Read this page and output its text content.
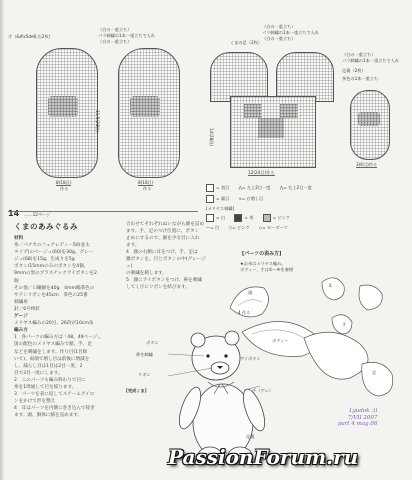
手（&#x5de6;右2枚）
（白の一重立ち）
パラ刺繍の1本一重立ちで入れ
（白の一重立ち）
11.5(24段)
8(18目)	8(18目)
作る	作る
くまの足（2枚）
（白の一重立ち）
パラ刺繍の1本一重立ちで入れ
（白の一重立ち）
12(24目)作る
14(28段)
足裏（2枚）
（白の一重立ち）
パラ刺繍の1本一重立ちで入れ
茶色の1本一重立ち
3(6目)作る
= 表目 ⋀= 左上2目一度 ⋀= 右上2目一度
= 裏目 ⋎= 右増し目
[メリヤス刺繍]
= 白	= 茶	= ピンク
—= 白 ○= ピンク ◇= ローダーツ
14 ……12ページ
くまのあみぐるみ

材料

糸／パナカのフェアレディー50(並太

タイプ)のベージュ(60)を30g、グレー

ジュ(68)を15g、生成りを5g

ボタン/15mmのみのボタンを4個、

9mmの黒のプラスチックアイボタンを2

個

その他／口繊綿を40g　4mm幅茶色の

サテンリボンを45cm　茶色の25番

刺繍糸

針／6号棒針

ゲージ

メリヤス編みの20目、26段が10cm角

編み方

1　各パーツの編み方は「48、49ページ」、

図の配色のメリヤス編みで顔、手、足

などを刺繍をします。作り目(1目除

いて)、両端で増し目は前後に増減を

し、減らし目は1目は2目一度、2

目で3目一度にします。

2　このパーツも編み終わりで目に

糸を1周通して目を絞ります。

3　パーツを表に返してスチームアイロ

ンをかけて形を整え

4　耳はパーツを内側に巻き込んで接ぎ

ます。頭、胴体に綿を詰めます。

合わせてそれぞれぬいながら綿を詰め

ます。手、足のつけ位置に、ボタン

止めにするので、綿を少な目に入れ

ます。

4　顔の右側に耳をつけ、手、足は

鍋ボタンを、目とボタンの中(グレージュ)

の刺繍を刺します。

5　顔にアイボタンをつけ、鼻を刺繍

してくびにリボンを結びます。

[パーツの表み方]
★お米はメリヤス編み。
ボディー、手は①～④を参照
頭
耳
ボディー
手
足
4 作る
ボタン
鼻を刺繍
[完成くま]
アイボタン
リボン
手（グレ）
足裏
Lyudok :))
7/VII 2007
part 4 mag.06
PassionForum.ru
